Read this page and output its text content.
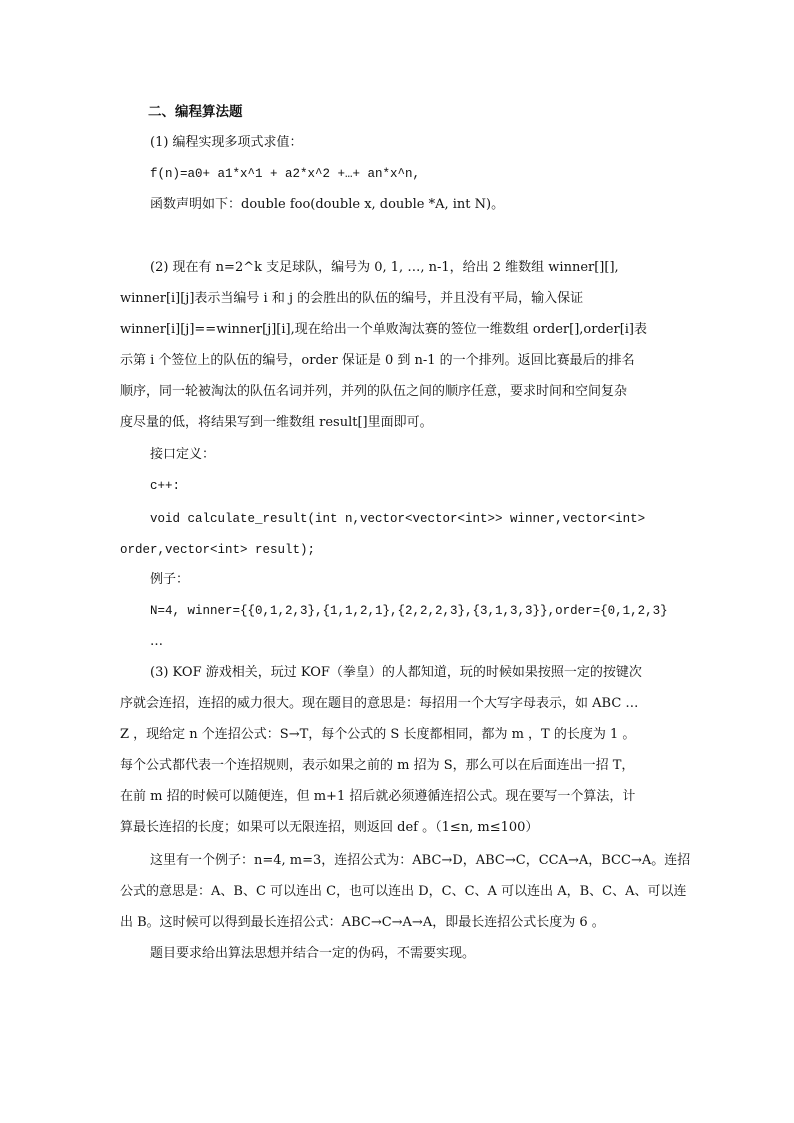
二、编程算法题
(1) 编程实现多项式求值：
f(n)=a0+ a1*x^1 + a2*x^2 +…+ an*x^n,
函数声明如下：double foo(double x, double *A, int N)。
(2) 现在有 n=2^k 支足球队，编号为 0, 1, …, n-1，给出 2 维数组 winner[][],
winner[i][j]表示当编号 i 和 j 的会胜出的队伍的编号，并且没有平局，输入保证
winner[i][j]==winner[j][i],现在给出一个单败淘汰赛的签位一维数组 order[],order[i]表
示第 i 个签位上的队伍的编号，order 保证是 0 到 n-1 的一个排列。返回比赛最后的排名
顺序，同一轮被淘汰的队伍名词并列，并列的队伍之间的顺序任意，要求时间和空间复杂
度尽量的低，将结果写到一维数组 result[]里面即可。
接口定义：
c++:
void calculate_result(int n,vector<vector<int>> winner,vector<int>
order,vector<int> result);
例子：
N=4, winner={{0,1,2,3},{1,1,2,1},{2,2,2,3},{3,1,3,3}},order={0,1,2,3}
…
(3) KOF 游戏相关，玩过 KOF（拳皇）的人都知道，玩的时候如果按照一定的按键次
序就会连招，连招的威力很大。现在题目的意思是：每招用一个大写字母表示，如 ABC …
Z ，现给定 n 个连招公式：S→T，每个公式的 S 长度都相同，都为 m ，T 的长度为 1 。
每个公式都代表一个连招规则，表示如果之前的 m 招为 S，那么可以在后面连出一招 T，
在前 m 招的时候可以随便连，但 m+1 招后就必须遵循连招公式。现在要写一个算法，计
算最长连招的长度；如果可以无限连招，则返回 def 。（1≤n, m≤100）
这里有一个例子：n=4, m=3，连招公式为：ABC→D，ABC→C，CCA→A，BCC→A。连招
公式的意思是：A、B、C 可以连出 C，也可以连出 D，C、C、A 可以连出 A，B、C、A、可以连
出 B。这时候可以得到最长连招公式：ABC→C→A→A，即最长连招公式长度为 6 。
题目要求给出算法思想并结合一定的伪码，不需要实现。
